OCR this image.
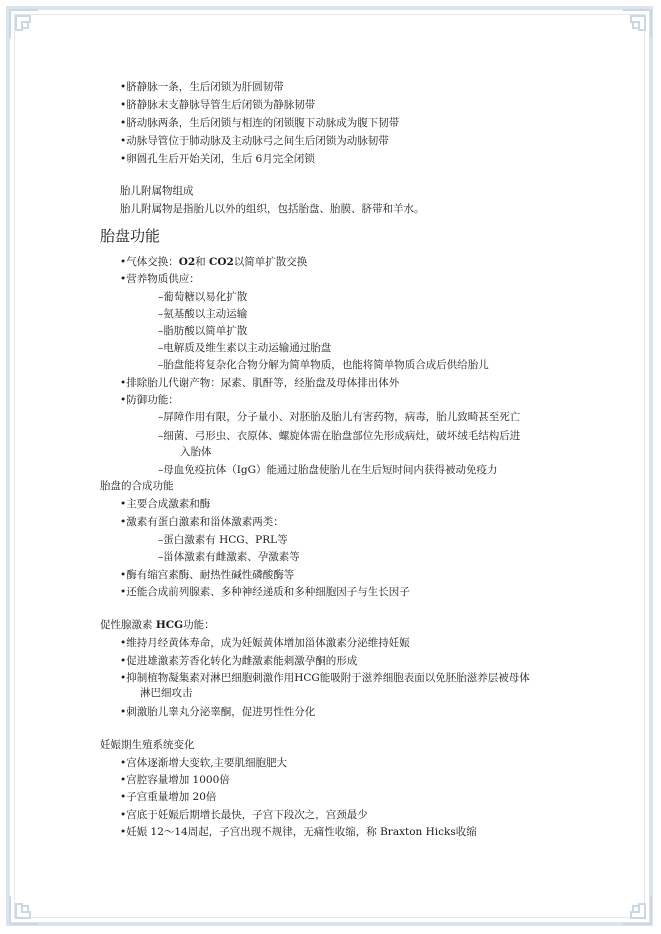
•脐静脉一条，生后闭锁为肝圆韧带
•脐静脉末支静脉导管生后闭锁为静脉韧带
•脐动脉两条，生后闭锁与相连的闭锁腹下动脉成为腹下韧带
•动脉导管位于肺动脉及主动脉弓之间生后闭锁为动脉韧带
•卵圆孔生后开始关闭，生后 6月完全闭锁
胎儿附属物组成
胎儿附属物是指胎儿以外的组织，包括胎盘、胎膜、脐带和羊水。
胎盘功能
•气体交换：O2和 CO2以简单扩散交换
•营养物质供应：
–葡萄糖以易化扩散
–氨基酸以主动运输
–脂肪酸以简单扩散
–电解质及维生素以主动运输通过胎盘
–胎盘能将复杂化合物分解为简单物质，也能将简单物质合成后供给胎儿
•排除胎儿代谢产物：尿素、肌酐等，经胎盘及母体排出体外
•防御功能：
–屏障作用有限，分子量小、对胚胎及胎儿有害药物，病毒，胎儿致畸甚至死亡
–细菌、弓形虫、衣原体、螺旋体需在胎盘部位先形成病灶，破坏绒毛结构后进
入胎体
–母血免疫抗体（IgG）能通过胎盘使胎儿在生后短时间内获得被动免疫力
胎盘的合成功能
•主要合成激素和酶
•激素有蛋白激素和甾体激素两类：
–蛋白激素有 HCG、PRL等
–甾体激素有雌激素、孕激素等
•酶有缩宫素酶、耐热性碱性磷酸酶等
•还能合成前列腺素、多种神经递质和多种细胞因子与生长因子
促性腺激素 HCG功能：
•维持月经黄体寿命，成为妊娠黄体增加甾体激素分泌维持妊娠
•促进雄激素芳香化转化为雌激素能刺激孕酮的形成
•抑制植物凝集素对淋巴细胞刺激作用HCG能吸附于滋养细胞表面以免胚胎滋养层被母体
淋巴细攻击
•刺激胎儿睾丸分泌睾酮，促进男性性分化
妊娠期生殖系统变化
•宫体逐渐增大变软,主要肌细胞肥大
•宫腔容量增加 1000倍
•子宫重量增加 20倍
•宫底于妊娠后期增长最快，子宫下段次之，宫颈最少
•妊娠 12～14周起，子宫出现不规律，无痛性收缩，称 Braxton Hicks收缩
